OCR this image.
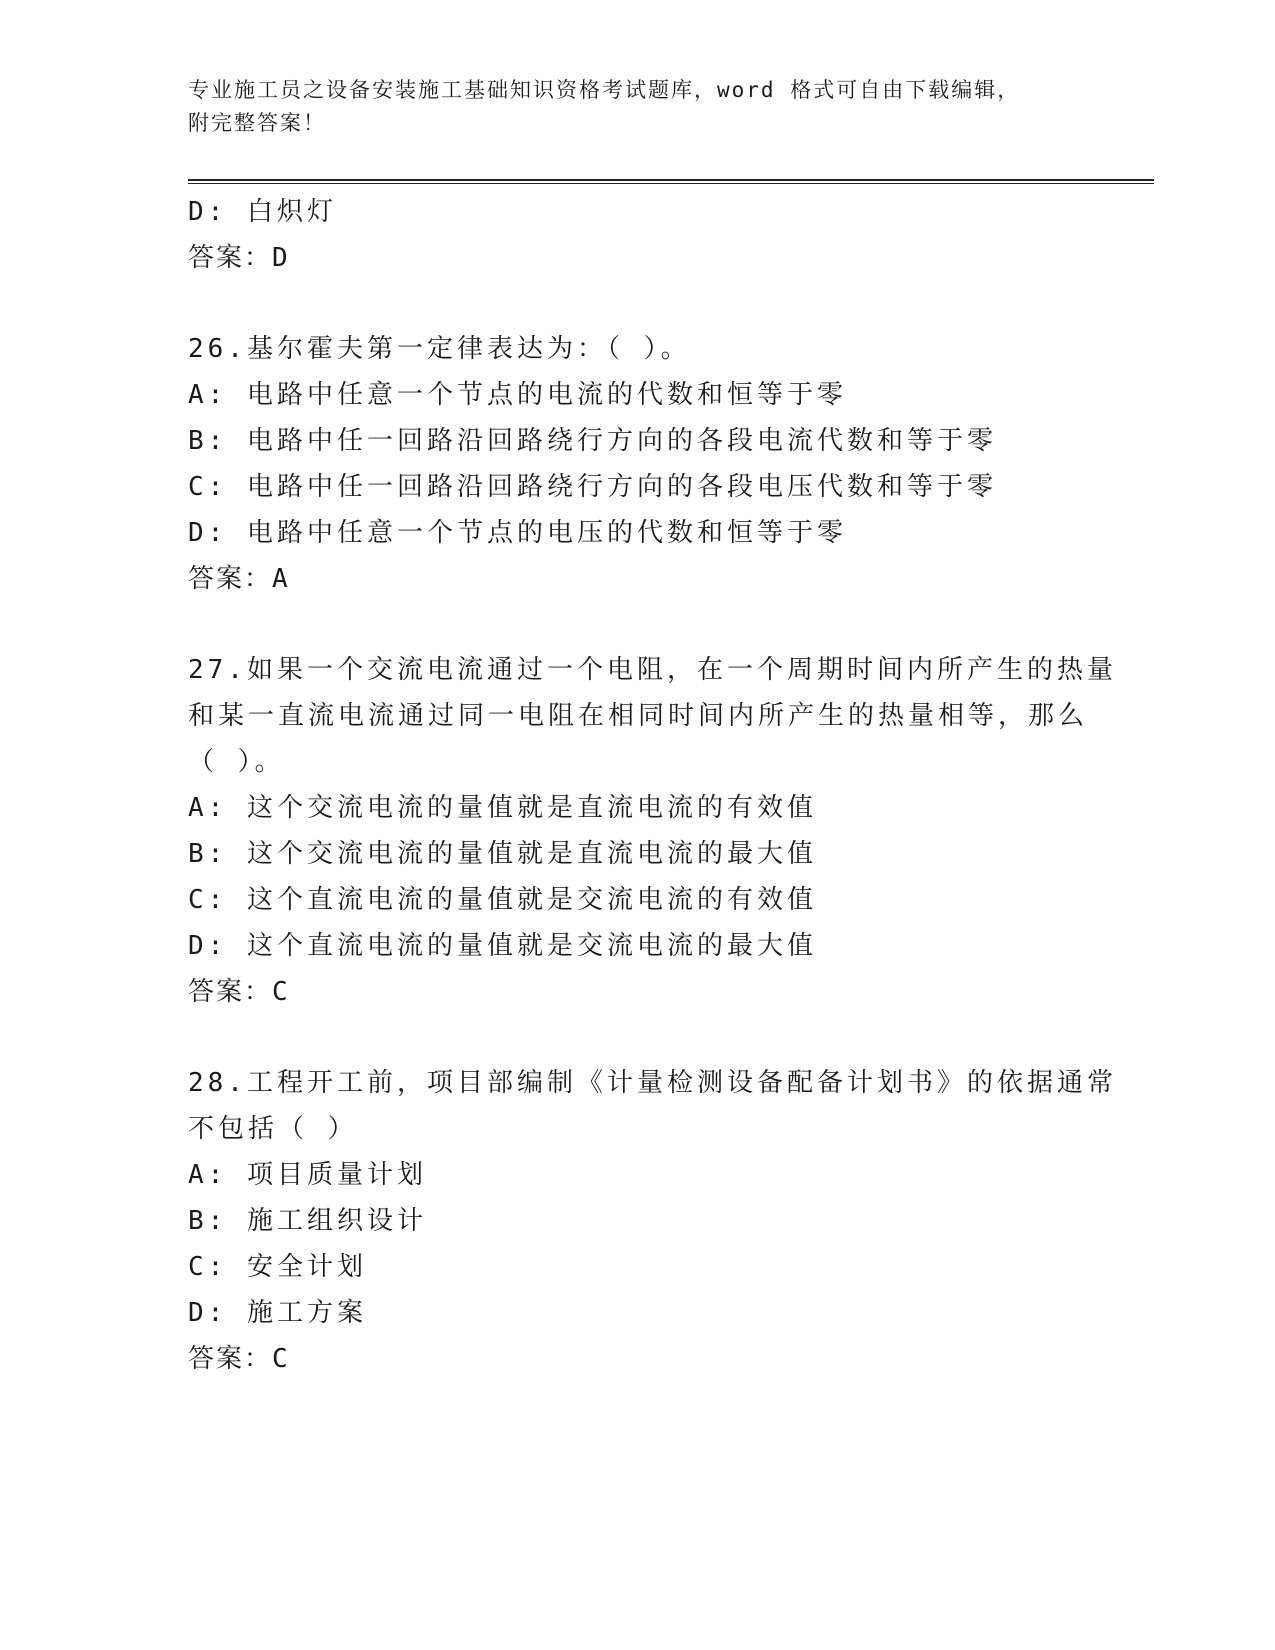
专业施工员之设备安装施工基础知识资格考试题库，word 格式可自由下载编辑，
附完整答案！
D: 白炽灯
答案：D
26.基尔霍夫第一定律表达为：（ ）。
A: 电路中任意一个节点的电流的代数和恒等于零
B: 电路中任一回路沿回路绕行方向的各段电流代数和等于零
C: 电路中任一回路沿回路绕行方向的各段电压代数和等于零
D: 电路中任意一个节点的电压的代数和恒等于零
答案：A
27.如果一个交流电流通过一个电阻，在一个周期时间内所产生的热量
和某一直流电流通过同一电阻在相同时间内所产生的热量相等，那么
（ ）。
A: 这个交流电流的量值就是直流电流的有效值
B: 这个交流电流的量值就是直流电流的最大值
C: 这个直流电流的量值就是交流电流的有效值
D: 这个直流电流的量值就是交流电流的最大值
答案：C
28.工程开工前，项目部编制《计量检测设备配备计划书》的依据通常
不包括（ ）
A: 项目质量计划
B: 施工组织设计
C: 安全计划
D: 施工方案
答案：C
